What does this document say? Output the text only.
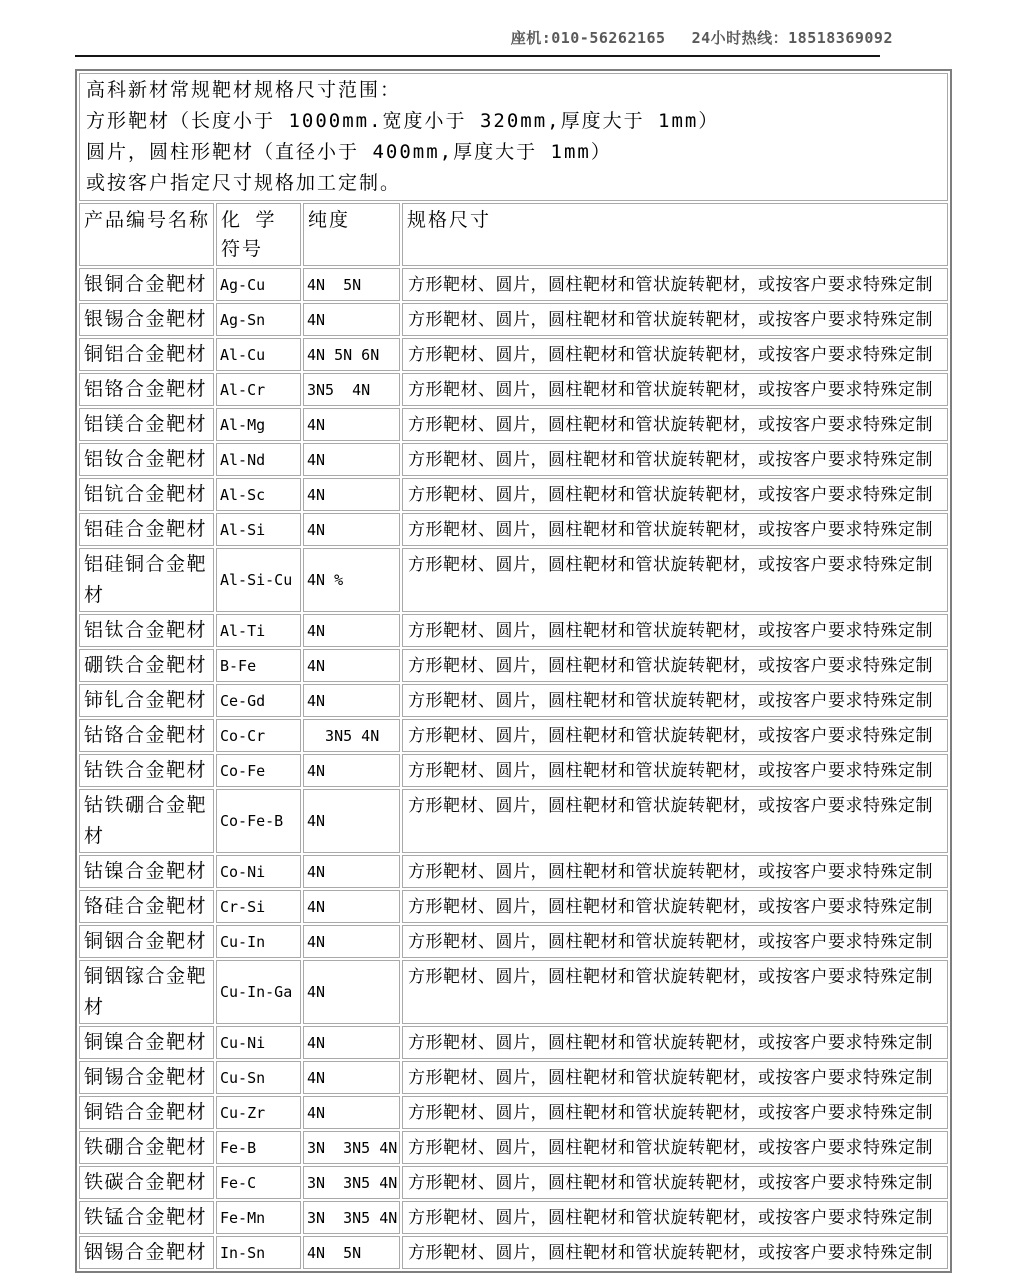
座机:010-56262165 24小时热线：18518369092
高科新材常规靶材规格尺寸范围：
方形靶材（长度小于 1000mm.宽度小于 320mm,厚度大于 1mm）
圆片，圆柱形靶材（直径小于 400mm,厚度大于 1mm）
或按客户指定尺寸规格加工定制。			

产品编号名称	化 学 符号	纯度	规格尺寸
银铜合金靶材	Ag-Cu	4N  5N	方形靶材、圆片，圆柱靶材和管状旋转靶材，或按客户要求特殊定制
银锡合金靶材	Ag-Sn	4N	方形靶材、圆片，圆柱靶材和管状旋转靶材，或按客户要求特殊定制
铜铝合金靶材	Al-Cu	4N 5N 6N	方形靶材、圆片，圆柱靶材和管状旋转靶材，或按客户要求特殊定制
铝铬合金靶材	Al-Cr	3N5  4N	方形靶材、圆片，圆柱靶材和管状旋转靶材，或按客户要求特殊定制
铝镁合金靶材	Al-Mg	4N	方形靶材、圆片，圆柱靶材和管状旋转靶材，或按客户要求特殊定制
铝钕合金靶材	Al-Nd	4N	方形靶材、圆片，圆柱靶材和管状旋转靶材，或按客户要求特殊定制
铝钪合金靶材	Al-Sc	4N	方形靶材、圆片，圆柱靶材和管状旋转靶材，或按客户要求特殊定制
铝硅合金靶材	Al-Si	4N	方形靶材、圆片，圆柱靶材和管状旋转靶材，或按客户要求特殊定制
铝硅铜合金靶材	Al-Si-Cu	4N %	方形靶材、圆片，圆柱靶材和管状旋转靶材，或按客户要求特殊定制
铝钛合金靶材	Al-Ti	4N	方形靶材、圆片，圆柱靶材和管状旋转靶材，或按客户要求特殊定制
硼铁合金靶材	B-Fe	4N	方形靶材、圆片，圆柱靶材和管状旋转靶材，或按客户要求特殊定制
铈钆合金靶材	Ce-Gd	4N	方形靶材、圆片，圆柱靶材和管状旋转靶材，或按客户要求特殊定制
钴铬合金靶材	Co-Cr	3N5 4N	方形靶材、圆片，圆柱靶材和管状旋转靶材，或按客户要求特殊定制
钴铁合金靶材	Co-Fe	4N	方形靶材、圆片，圆柱靶材和管状旋转靶材，或按客户要求特殊定制
钴铁硼合金靶材	Co-Fe-B	4N	方形靶材、圆片，圆柱靶材和管状旋转靶材，或按客户要求特殊定制
钴镍合金靶材	Co-Ni	4N	方形靶材、圆片，圆柱靶材和管状旋转靶材，或按客户要求特殊定制
铬硅合金靶材	Cr-Si	4N	方形靶材、圆片，圆柱靶材和管状旋转靶材，或按客户要求特殊定制
铜铟合金靶材	Cu-In	4N	方形靶材、圆片，圆柱靶材和管状旋转靶材，或按客户要求特殊定制
铜铟镓合金靶材	Cu-In-Ga	4N	方形靶材、圆片，圆柱靶材和管状旋转靶材，或按客户要求特殊定制
铜镍合金靶材	Cu-Ni	4N	方形靶材、圆片，圆柱靶材和管状旋转靶材，或按客户要求特殊定制
铜锡合金靶材	Cu-Sn	4N	方形靶材、圆片，圆柱靶材和管状旋转靶材，或按客户要求特殊定制
铜锆合金靶材	Cu-Zr	4N	方形靶材、圆片，圆柱靶材和管状旋转靶材，或按客户要求特殊定制
铁硼合金靶材	Fe-B	3N  3N5 4N	方形靶材、圆片，圆柱靶材和管状旋转靶材，或按客户要求特殊定制
铁碳合金靶材	Fe-C	3N  3N5 4N	方形靶材、圆片，圆柱靶材和管状旋转靶材，或按客户要求特殊定制
铁锰合金靶材	Fe-Mn	3N  3N5 4N	方形靶材、圆片，圆柱靶材和管状旋转靶材，或按客户要求特殊定制
铟锡合金靶材	In-Sn	4N  5N	方形靶材、圆片，圆柱靶材和管状旋转靶材，或按客户要求特殊定制
